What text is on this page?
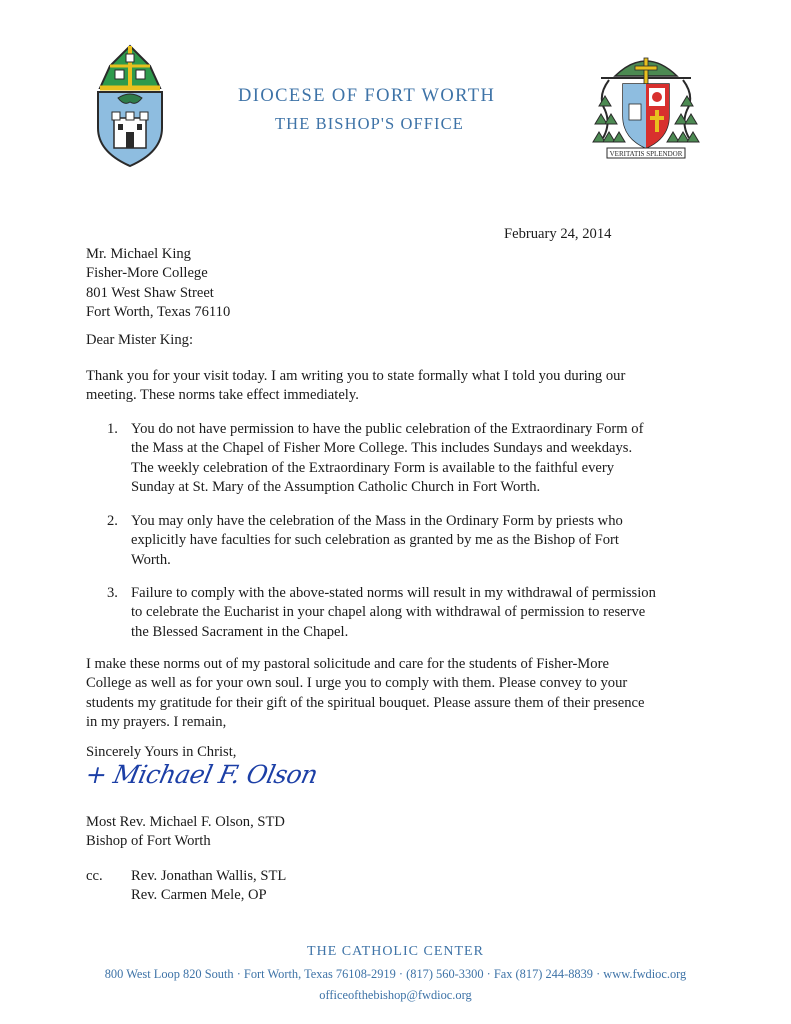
DIOCESE OF FORT WORTH
THE BISHOP'S OFFICE
VERITATIS SPLENDOR
February 24, 2014
Mr. Michael King
Fisher-More College
801 West Shaw Street
Fort Worth, Texas 76110
Dear Mister King:
Thank you for your visit today. I am writing you to state formally what I told you during our
meeting. These norms take effect immediately.
1. You do not have permission to have the public celebration of the Extraordinary Form of
the Mass at the Chapel of Fisher More College. This includes Sundays and weekdays.
The weekly celebration of the Extraordinary Form is available to the faithful every
Sunday at St. Mary of the Assumption Catholic Church in Fort Worth.
2. You may only have the celebration of the Mass in the Ordinary Form by priests who
explicitly have faculties for such celebration as granted by me as the Bishop of Fort
Worth.
3. Failure to comply with the above-stated norms will result in my withdrawal of permission
to celebrate the Eucharist in your chapel along with withdrawal of permission to reserve
the Blessed Sacrament in the Chapel.
I make these norms out of my pastoral solicitude and care for the students of Fisher-More
College as well as for your own soul. I urge you to comply with them. Please convey to your
students my gratitude for their gift of the spiritual bouquet. Please assure them of their presence
in my prayers. I remain,
Sincerely Yours in Christ,
+ Michael F. Olson
Most Rev. Michael F. Olson, STD
Bishop of Fort Worth
cc. Rev. Jonathan Wallis, STL
Rev. Carmen Mele, OP
THE CATHOLIC CENTER
800 West Loop 820 South · Fort Worth, Texas 76108-2919 · (817) 560-3300 · Fax (817) 244-8839 · www.fwdioc.org
officeofthebishop@fwdioc.org
